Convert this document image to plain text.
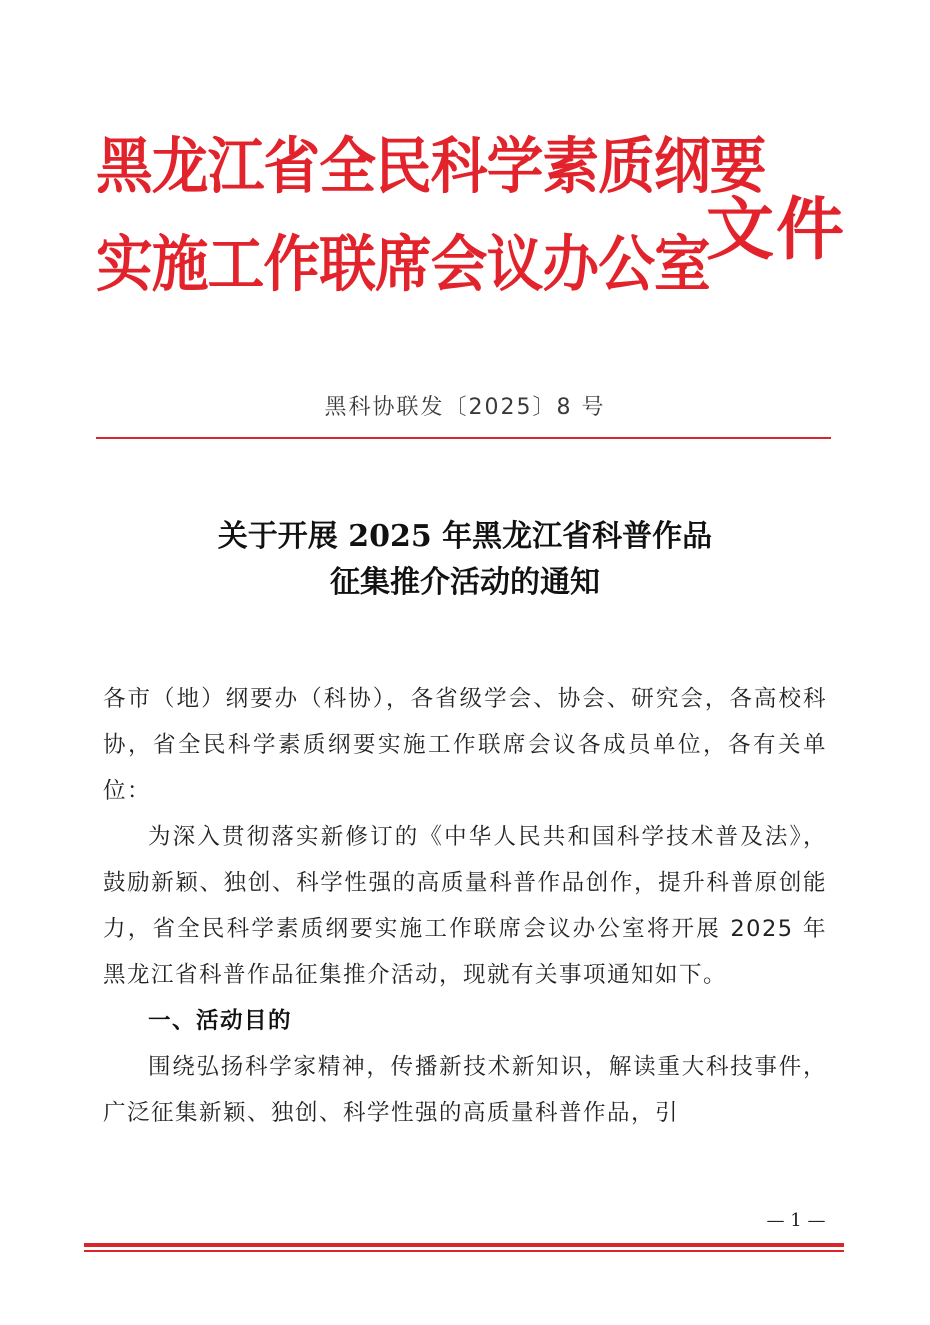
黑龙江省全民科学素质纲要
实施工作联席会议办公室
文件
黑科协联发〔2025〕8 号
关于开展 2025 年黑龙江省科普作品
征集推介活动的通知

各市（地）纲要办（科协），各省级学会、协会、研究会，各高校科协，省全民科学素质纲要实施工作联席会议各成员单位，各有关单位：

为深入贯彻落实新修订的《中华人民共和国科学技术普及法》，鼓励新颖、独创、科学性强的高质量科普作品创作，提升科普原创能力，省全民科学素质纲要实施工作联席会议办公室将开展 2025 年黑龙江省科普作品征集推介活动，现就有关事项通知如下。

一、活动目的

围绕弘扬科学家精神，传播新技术新知识，解读重大科技事件，广泛征集新颖、独创、科学性强的高质量科普作品，引

— 1 —
